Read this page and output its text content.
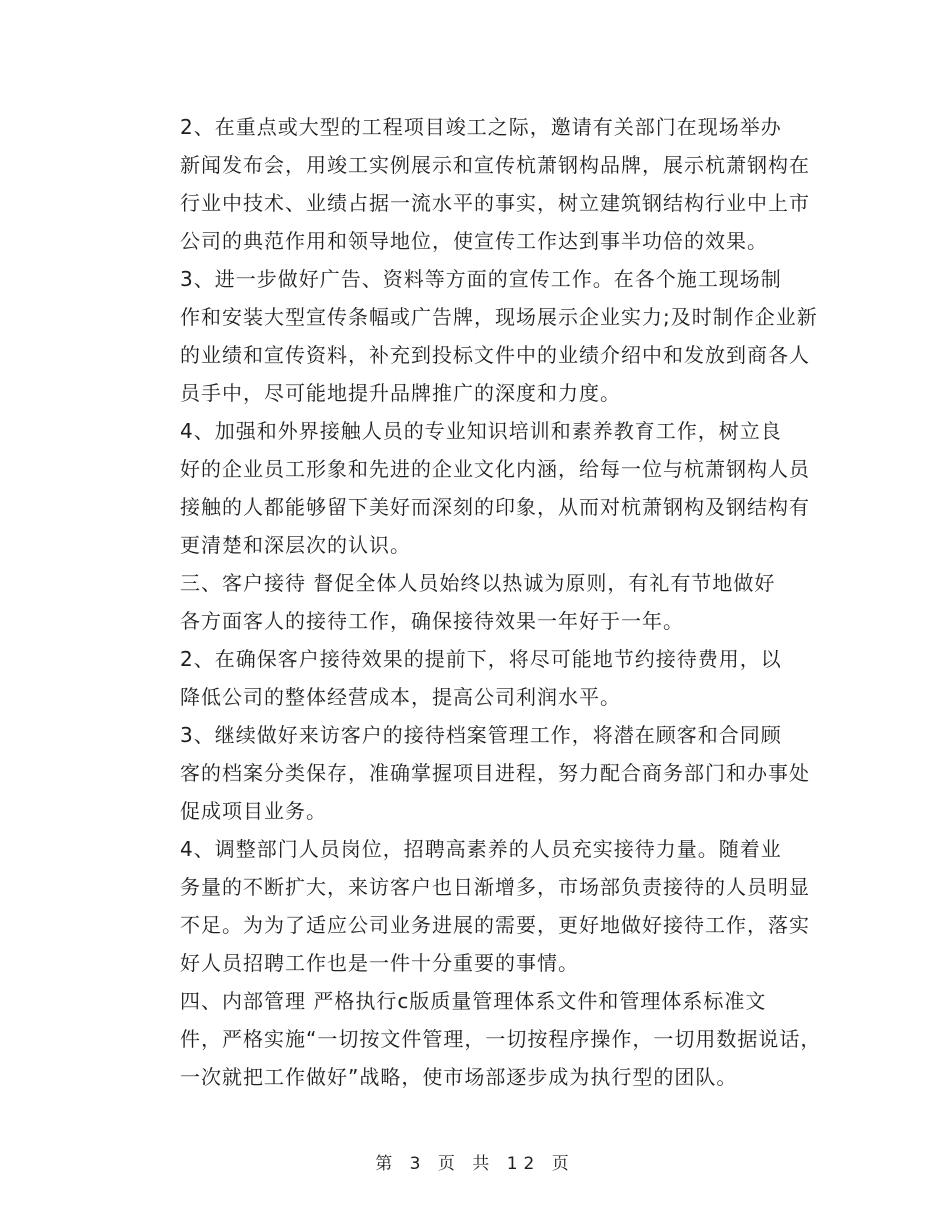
2、在重点或大型的工程项目竣工之际，邀请有关部门在现场举办
新闻发布会，用竣工实例展示和宣传杭萧钢构品牌，展示杭萧钢构在
行业中技术、业绩占据一流水平的事实，树立建筑钢结构行业中上市
公司的典范作用和领导地位，使宣传工作达到事半功倍的效果。

3、进一步做好广告、资料等方面的宣传工作。在各个施工现场制
作和安装大型宣传条幅或广告牌，现场展示企业实力;及时制作企业新
的业绩和宣传资料，补充到投标文件中的业绩介绍中和发放到商各人
员手中，尽可能地提升品牌推广的深度和力度。

4、加强和外界接触人员的专业知识培训和素养教育工作，树立良
好的企业员工形象和先进的企业文化内涵，给每一位与杭萧钢构人员
接触的人都能够留下美好而深刻的印象，从而对杭萧钢构及钢结构有
更清楚和深层次的认识。

三、客户接待 督促全体人员始终以热诚为原则，有礼有节地做好
各方面客人的接待工作，确保接待效果一年好于一年。

2、在确保客户接待效果的提前下，将尽可能地节约接待费用，以
降低公司的整体经营成本，提高公司利润水平。

3、继续做好来访客户的接待档案管理工作，将潜在顾客和合同顾
客的档案分类保存，准确掌握项目进程，努力配合商务部门和办事处
促成项目业务。

4、调整部门人员岗位，招聘高素养的人员充实接待力量。随着业
务量的不断扩大，来访客户也日渐增多，市场部负责接待的人员明显
不足。为为了适应公司业务进展的需要，更好地做好接待工作，落实
好人员招聘工作也是一件十分重要的事情。

四、内部管理 严格执行c版质量管理体系文件和管理体系标准文
件，严格实施“一切按文件管理，一切按程序操作，一切用数据说话，
一次就把工作做好”战略，使市场部逐步成为执行型的团队。

第 3 页 共 12 页
